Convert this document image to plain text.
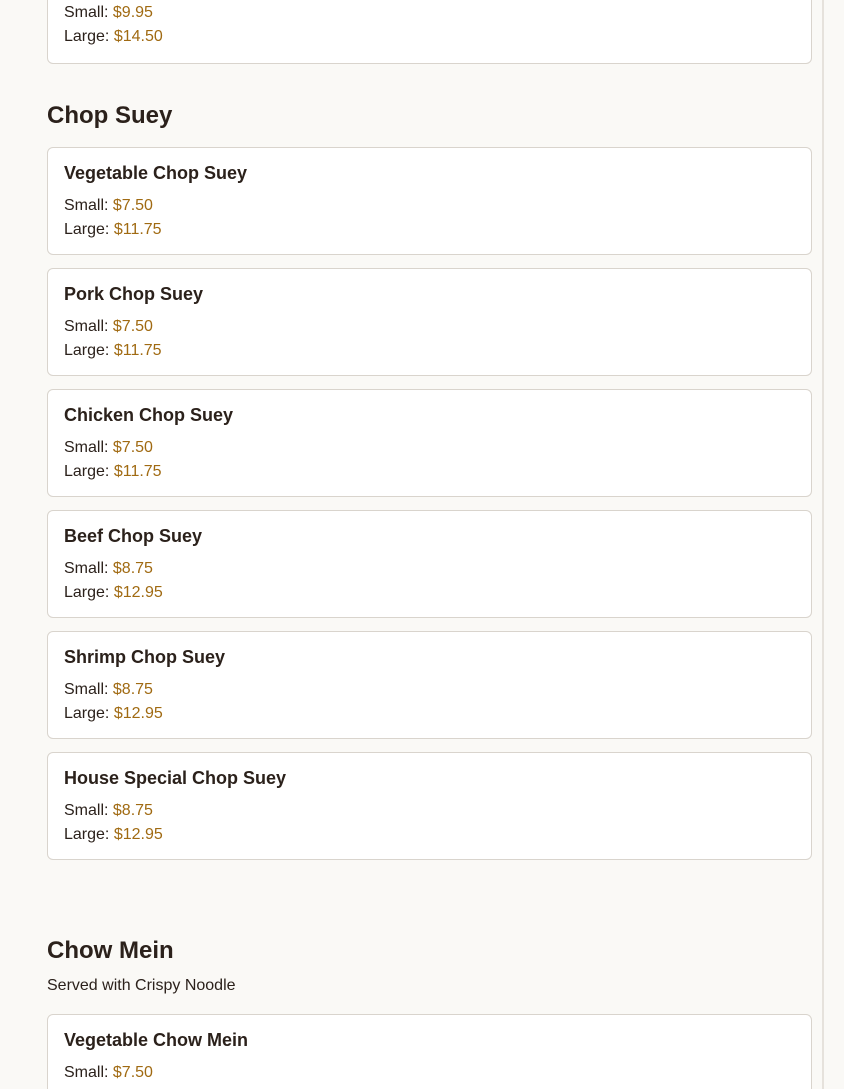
Small: $9.95
Large: $14.50
Chop Suey
Vegetable Chop Suey
Small: $7.50
Large: $11.75
Pork Chop Suey
Small: $7.50
Large: $11.75
Chicken Chop Suey
Small: $7.50
Large: $11.75
Beef Chop Suey
Small: $8.75
Large: $12.95
Shrimp Chop Suey
Small: $8.75
Large: $12.95
House Special Chop Suey
Small: $8.75
Large: $12.95
Chow Mein

Served with Crispy Noodle

Vegetable Chow Mein
Small: $7.50
